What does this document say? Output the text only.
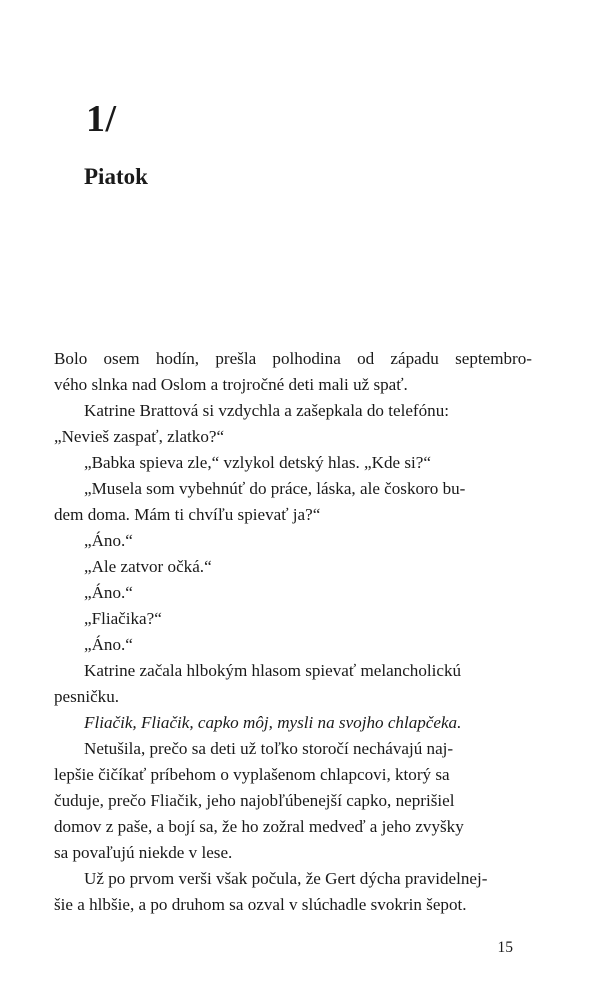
1/
Piatok

Bolo osem hodín, prešla polhodina od západu septembro-
vého slnka nad Oslom a trojročné deti mali už spať.

Katrine Brattová si vzdychla a zašepkala do telefónu:
„Nevieš zaspať, zlatko?“

„Babka spieva zle,“ vzlykol detský hlas. „Kde si?“

„Musela som vybehnúť do práce, láska, ale čoskoro bu-
dem doma. Mám ti chvíľu spievať ja?“

„Áno.“

„Ale zatvor očká.“

„Áno.“

„Fliačika?“

„Áno.“

Katrine začala hlbokým hlasom spievať melancholickú
pesničku.

Fliačik, Fliačik, capko môj, mysli na svojho chlapčeka.

Netušila, prečo sa deti už toľko storočí nechávajú naj-
lepšie čičíkať príbehom o vyplašenom chlapcovi, ktorý sa
čuduje, prečo Fliačik, jeho najobľúbenejší capko, neprišiel
domov z paše, a bojí sa, že ho zožral medveď a jeho zvyšky
sa povaľujú niekde v lese.

Už po prvom verši však počula, že Gert dýcha pravidelnej-
šie a hlbšie, a po druhom sa ozval v slúchadle svokrin šepot.

15
